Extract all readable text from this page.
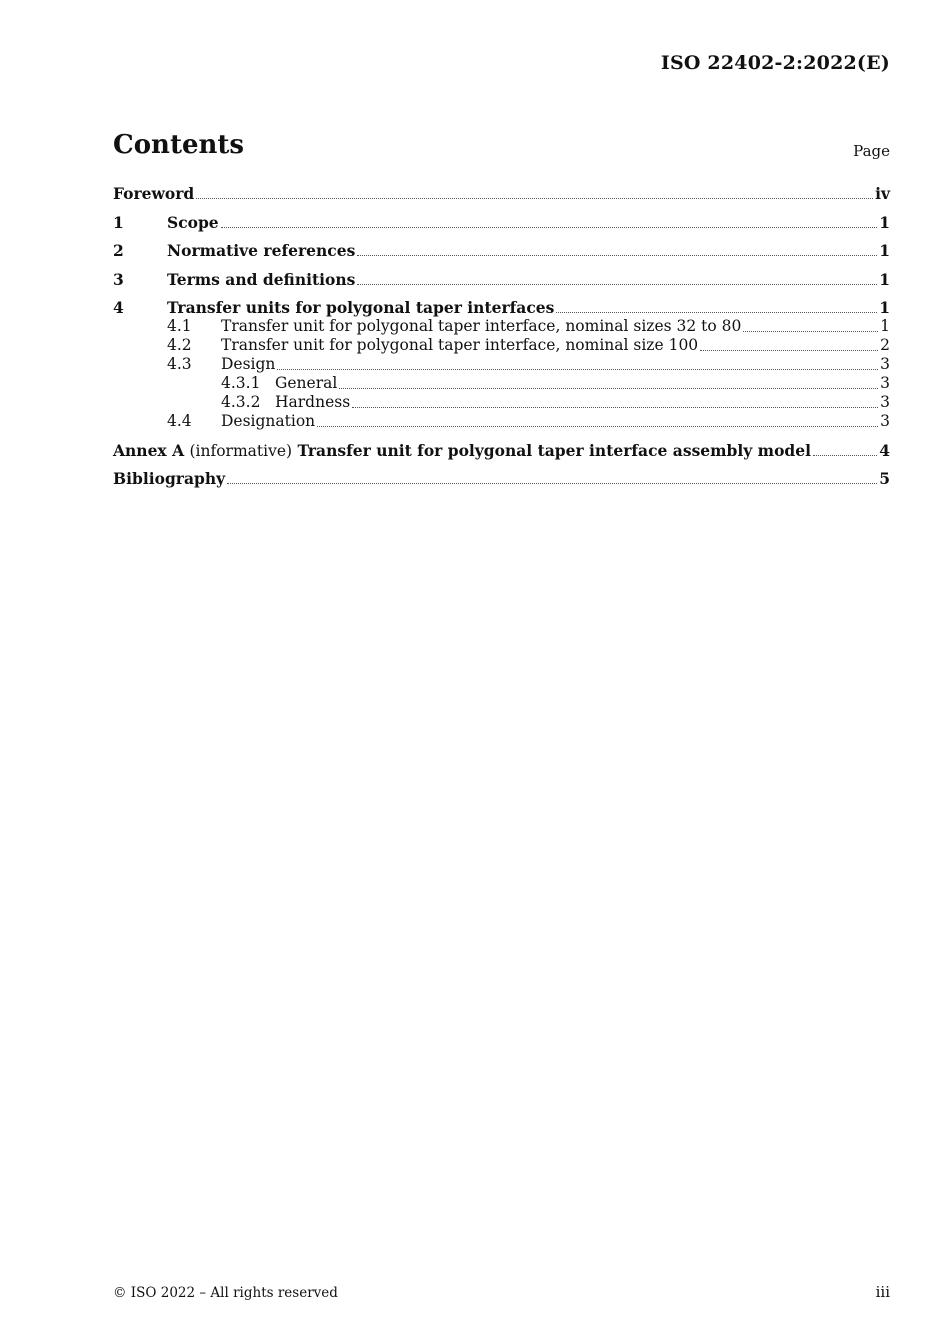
ISO 22402-2:2022(E)
Contents	Page
Foreword	iv
1	Scope	1
2	Normative references	1
3	Terms and definitions	1
4	Transfer units for polygonal taper interfaces	1
4.1	Transfer unit for polygonal taper interface, nominal sizes 32 to 80	1
4.2	Transfer unit for polygonal taper interface, nominal size 100	2
4.3	Design	3
4.3.1 General	3
4.3.2 Hardness	3
4.4	Designation	3
Annex A (informative) Transfer unit for polygonal taper interface assembly model	4
Bibliography	5
© ISO 2022 – All rights reserved	iii
